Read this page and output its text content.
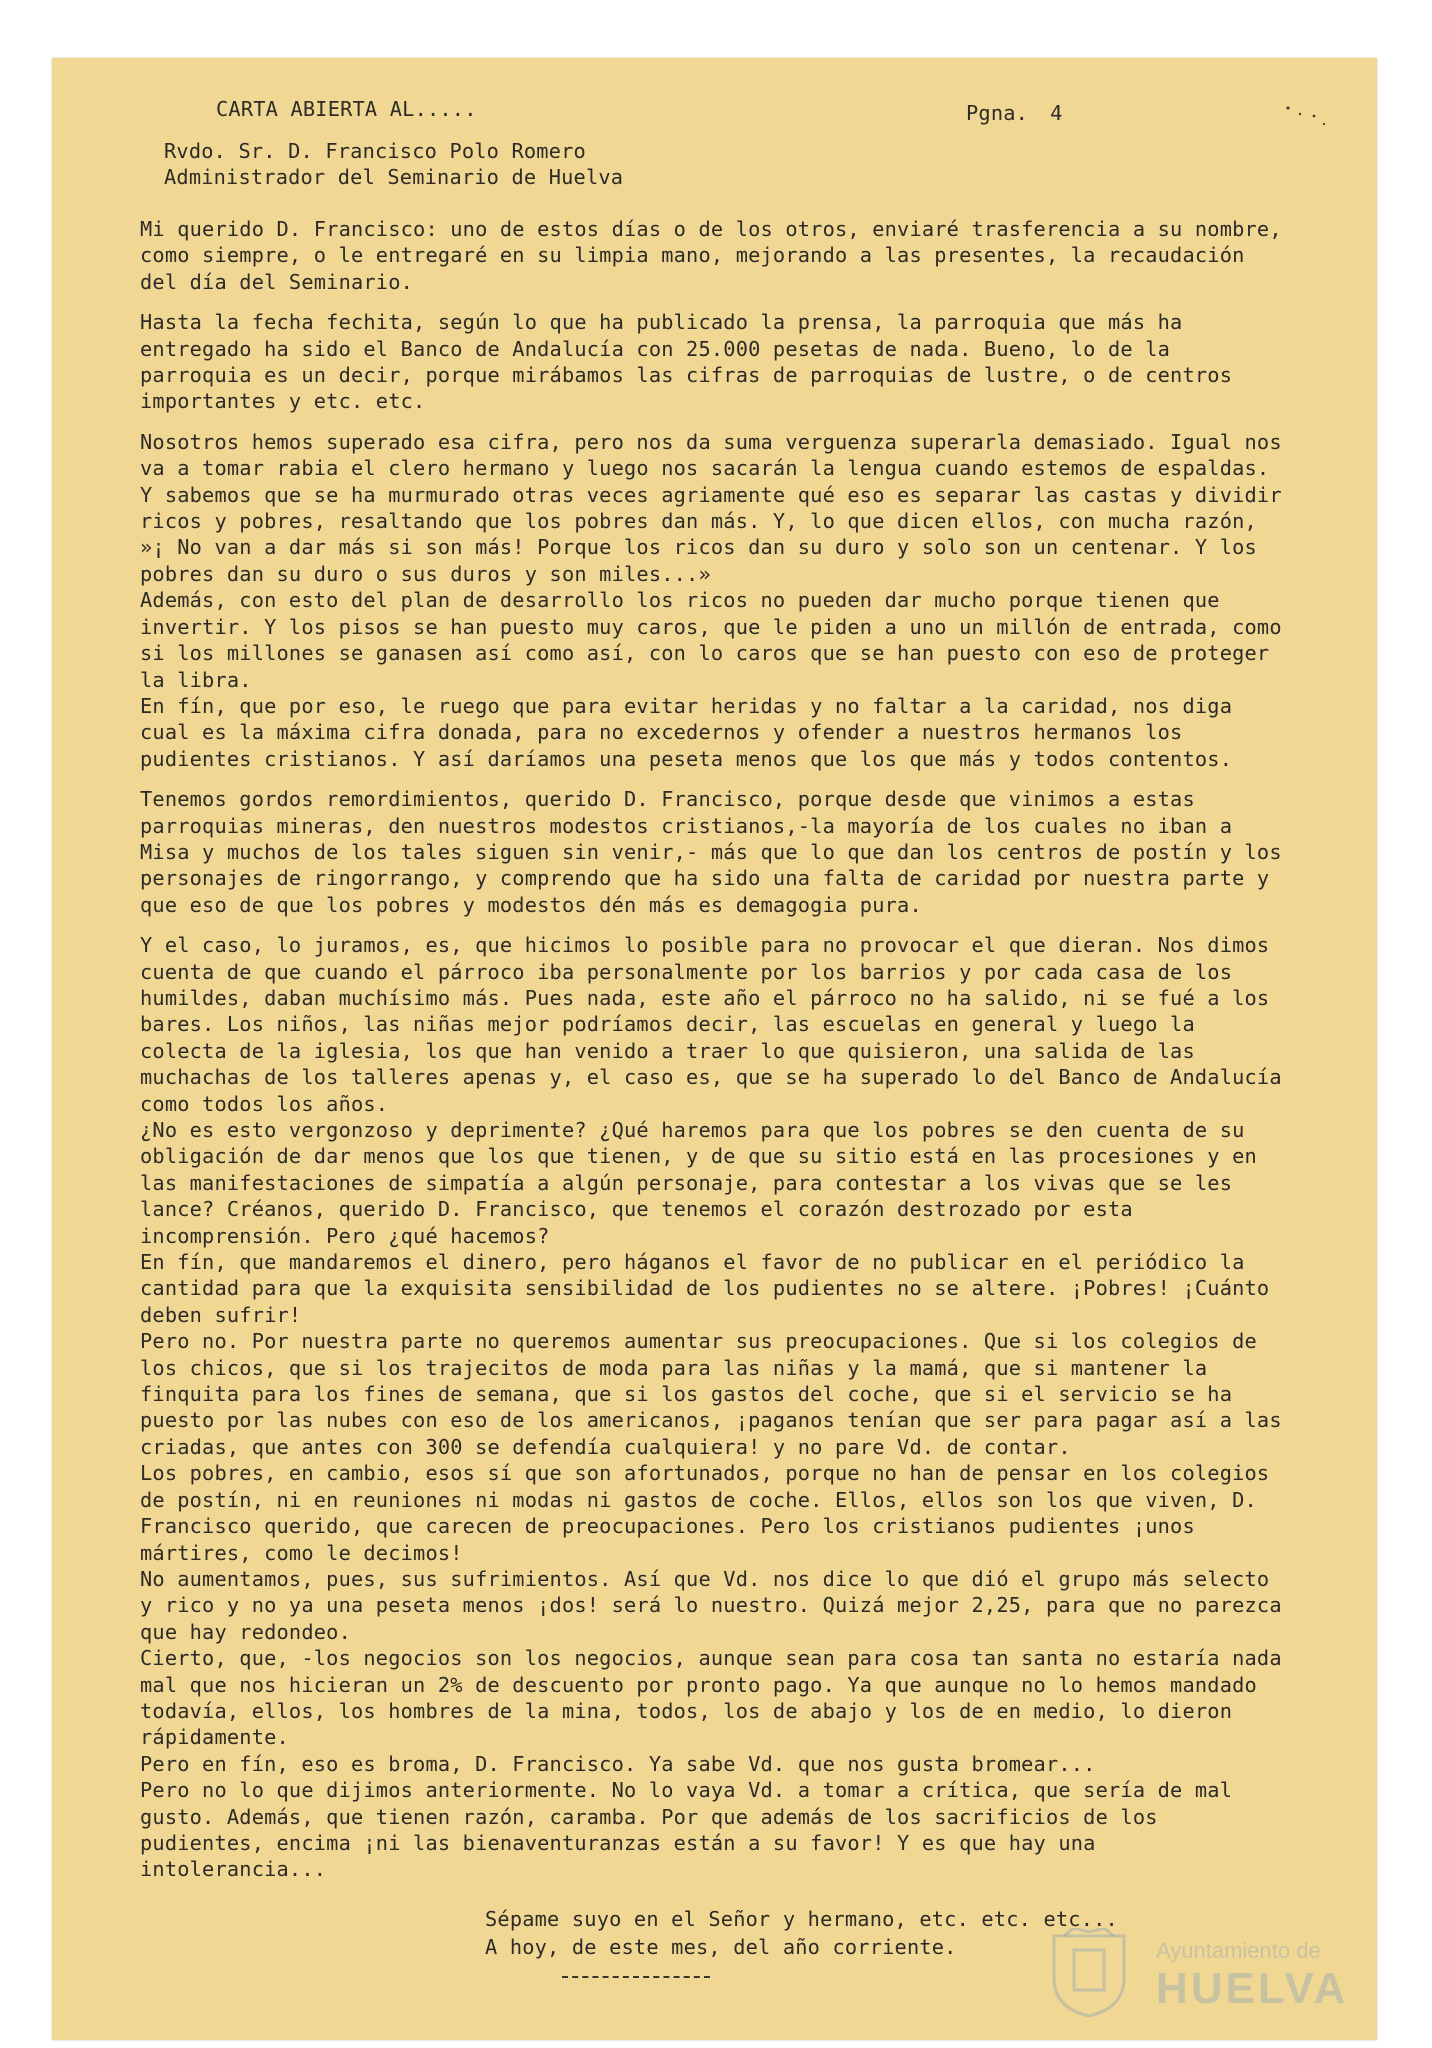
CARTA ABIERTA AL.....	Pgna. 4
Rvdo. Sr. D. Francisco Polo Romero
Administrador del Seminario de Huelva

Mi querido D. Francisco: uno de estos días o de los otros, enviaré trasferencia a su nombre, como siempre, o le entregaré en su limpia mano, mejorando a las presentes, la recaudación del día del Seminario.

Hasta la fecha fechita, según lo que ha publicado la prensa, la parroquia que más ha entregado ha sido el Banco de Andalucía con 25.000 pesetas de nada. Bueno, lo de la parroquia es un decir, porque mirábamos las cifras de parroquias de lustre, o de centros importantes y etc. etc.

Nosotros hemos superado esa cifra, pero nos da suma verguenza superarla demasiado. Igual nos va a tomar rabia el clero hermano y luego nos sacarán la lengua cuando estemos de espaldas. Y sabemos que se ha murmurado otras veces agriamente qué eso es separar las castas y dividir ricos y pobres, resaltando que los pobres dan más. Y, lo que dicen ellos, con mucha razón, »¡ No van a dar más si son más! Porque los ricos dan su duro y solo son un centenar. Y los pobres dan su duro o sus duros y son miles...»

Además, con esto del plan de desarrollo los ricos no pueden dar mucho porque tienen que invertir. Y los pisos se han puesto muy caros, que le piden a uno un millón de entrada, como si los millones se ganasen así como así, con lo caros que se han puesto con eso de proteger la libra.

En fín, que por eso, le ruego que para evitar heridas y no faltar a la caridad, nos diga cual es la máxima cifra donada, para no excedernos y ofender a nuestros hermanos los pudientes cristianos. Y así daríamos una peseta menos que los que más y todos contentos.

Tenemos gordos remordimientos, querido D. Francisco, porque desde que vinimos a estas parroquias mineras, den nuestros modestos cristianos,-la mayoría de los cuales no iban a Misa y muchos de los tales siguen sin venir,- más que lo que dan los centros de postín y los personajes de ringorrango, y comprendo que ha sido una falta de caridad por nuestra parte y que eso de que los pobres y modestos dén más es demagogia pura.

Y el caso, lo juramos, es, que hicimos lo posible para no provocar el que dieran. Nos dimos cuenta de que cuando el párroco iba personalmente por los barrios y por cada casa de los humildes, daban muchísimo más. Pues nada, este año el párroco no ha salido, ni se fué a los bares. Los niños, las niñas mejor podríamos decir, las escuelas en general y luego la colecta de la iglesia, los que han venido a traer lo que quisieron, una salida de las muchachas de los talleres apenas y, el caso es, que se ha superado lo del Banco de Andalucía como todos los años.

¿No es esto vergonzoso y deprimente? ¿Qué haremos para que los pobres se den cuenta de su obligación de dar menos que los que tienen, y de que su sitio está en las procesiones y en las manifestaciones de simpatía a algún personaje, para contestar a los vivas que se les lance? Créanos, querido D. Francisco, que tenemos el corazón destrozado por esta incomprensión. Pero ¿qué hacemos?

En fín, que mandaremos el dinero, pero háganos el favor de no publicar en el periódico la cantidad para que la exquisita sensibilidad de los pudientes no se altere. ¡Pobres! ¡Cuánto deben sufrir!

Pero no. Por nuestra parte no queremos aumentar sus preocupaciones. Que si los colegios de los chicos, que si los trajecitos de moda para las niñas y la mamá, que si mantener la finquita para los fines de semana, que si los gastos del coche, que si el servicio se ha puesto por las nubes con eso de los americanos, ¡paganos tenían que ser para pagar así a las criadas, que antes con 300 se defendía cualquiera! y no pare Vd. de contar.

Los pobres, en cambio, esos sí que son afortunados, porque no han de pensar en los colegios de postín, ni en reuniones ni modas ni gastos de coche. Ellos, ellos son los que viven, D. Francisco querido, que carecen de preocupaciones. Pero los cristianos pudientes ¡unos mártires, como le decimos!

No aumentamos, pues, sus sufrimientos. Así que Vd. nos dice lo que dió el grupo más selecto y rico y no ya una peseta menos ¡dos! será lo nuestro. Quizá mejor 2,25, para que no parezca que hay redondeo.

Cierto, que, -los negocios son los negocios, aunque sean para cosa tan santa no estaría nada mal que nos hicieran un 2% de descuento por pronto pago. Ya que aunque no lo hemos mandado todavía, ellos, los hombres de la mina, todos, los de abajo y los de en medio, lo dieron rápidamente.

Pero en fín, eso es broma, D. Francisco. Ya sabe Vd. que nos gusta bromear...

Pero no lo que dijimos anteriormente. No lo vaya Vd. a tomar a crítica, que sería de mal gusto. Además, que tienen razón, caramba. Por que además de los sacrificios de los pudientes, encima ¡ni las bienaventuranzas están a su favor! Y es que hay una intolerancia...

Sépame suyo en el Señor y hermano, etc. etc. etc...
A hoy, de este mes, del año corriente.	Ayuntamiento de
HUELVA
